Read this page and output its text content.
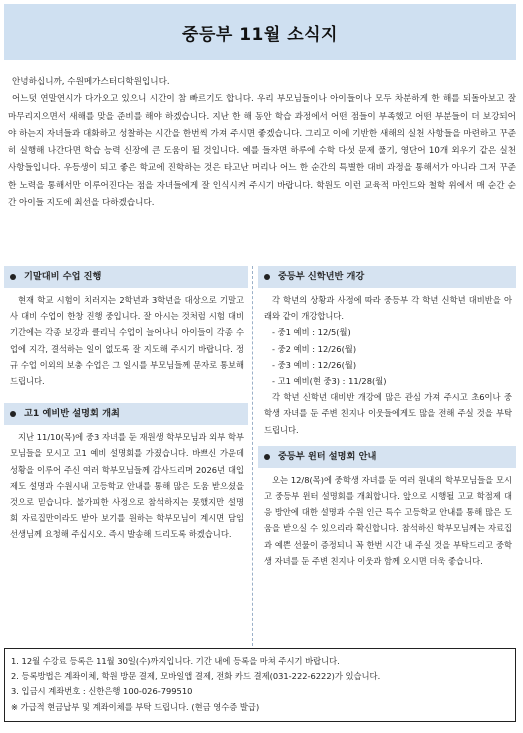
중등부 11월 소식지

안녕하십니까, 수원메가스터디학원입니다.

어느덧 연말연시가 다가오고 있으니 시간이 참 빠르기도 합니다. 우리 부모님들이나 아이들이나 모두 차분하게 한 해를 되돌아보고 잘 마무리지으면서 새해를 맞을 준비를 해야 하겠습니다. 지난 한 해 동안 학습 과정에서 어떤 점들이 부족했고 어떤 부분들이 더 보강되어야 하는지 자녀들과 대화하고 성찰하는 시간을 한번씩 가져 주시면 좋겠습니다. 그리고 이에 기반한 새해의 실천 사항들을 마련하고 꾸준히 실행해 나간다면 학습 능력 신장에 큰 도움이 될 것입니다. 예를 들자면 하루에 수학 다섯 문제 풀기, 영단어 10개 외우기 같은 실천 사항들입니다. 우등생이 되고 좋은 학교에 진학하는 것은 타고난 머리나 어느 한 순간의 특별한 대비 과정을 통해서가 아니라 그저 꾸준한 노력을 통해서만 이루어진다는 점을 자녀들에게 잘 인식시켜 주시기 바랍니다. 학원도 이런 교육적 마인드와 철학 위에서 매 순간 순간 아이들 지도에 최선을 다하겠습니다.

기말대비 수업 진행

현재 학교 시험이 치러지는 2학년과 3학년을 대상으로 기말고사 대비 수업이 한창 진행 중입니다. 잘 아시는 것처럼 시험 대비 기간에는 각종 보강과 클리닉 수업이 늘어나니 아이들이 각종 수업에 지각, 결석하는 일이 없도록 잘 지도해 주시기 바랍니다. 정규 수업 이외의 보충 수업은 그 일시를 부모님들께 문자로 통보해 드립니다.

고1 예비반 설명회 개최

지난 11/10(목)에 중3 자녀를 둔 재원생 학부모님과 외부 학부모님들을 모시고 고1 예비 설명회를 가졌습니다. 바쁘신 가운데 성황을 이루어 주신 여러 학부모님들께 감사드리며 2026년 대입제도 설명과 수원시내 고등학교 안내를 통해 많은 도움 받으셨을 것으로 믿습니다. 불가피한 사정으로 참석하지는 못했지만 설명회 자료집만이라도 받아 보기를 원하는 학부모님이 계시면 담임 선생님께 요청해 주십시오. 즉시 발송해 드리도록 하겠습니다.

중등부 신학년반 개강

각 학년의 상황과 사정에 따라 중등부 각 학년 신학년 대비반을 아래와 같이 개강합니다.

- 중1 예비 : 12/5(월)
- 중2 예비 : 12/26(월)
- 중3 예비 : 12/26(월)
- 고1 예비(현 중3) : 11/28(월)

각 학년 신학년 대비반 개강에 많은 관심 가져 주시고 초6이나 중학생 자녀를 둔 주변 친지나 이웃들에게도 많을 전해 주실 것을 부탁드립니다.

중등부 윈터 설명회 안내

오는 12/8(목)에 중학생 자녀를 둔 여러 원내의 학부모님들을 모시고 중등부 윈터 설명회를 개최합니다. 앞으로 시행될 고교 학점제 대응 방안에 대한 설명과 수원 인근 특수 고등학교 안내를 통해 많은 도움을 받으실 수 있으리라 확신합니다. 참석하신 학부모님께는 자료집과 예쁜 선물이 증정되니 꼭 한번 시간 내 주실 것을 부탁드리고 중학생 자녀를 둔 주변 친지나 이웃과 함께 오시면 더욱 좋습니다.

1. 12월 수강료 등록은 11월 30일(수)까지입니다. 기간 내에 등록을 마쳐 주시기 바랍니다.
2. 등록방법은 계좌이체, 학원 방문 결제, 모바일앱 결제, 전화 카드 결제(031-222-6222)가 있습니다.
3. 입금시 계좌번호 : 신한은행 100-026-799510
※ 가급적 현금납부 및 계좌이체를 부탁 드립니다. (현금 영수증 발급)
